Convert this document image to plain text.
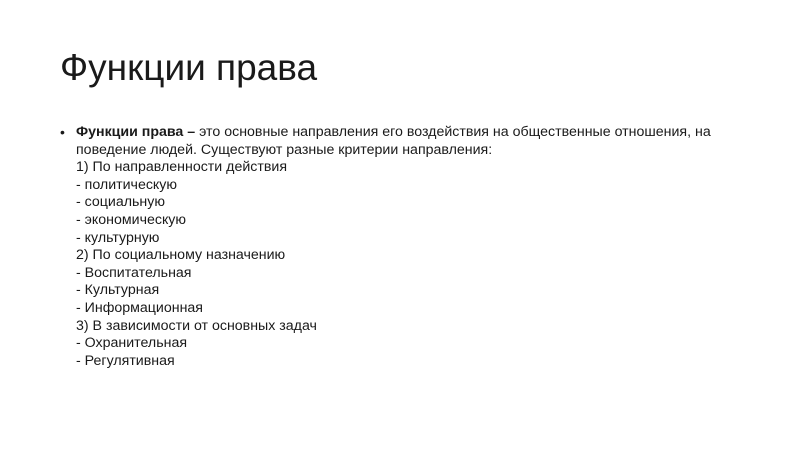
Функции права
• Функции права – это основные направления его воздействия на общественные отношения, на поведение людей. Существуют разные критерии направления:
1) По направленности действия
- политическую
- социальную
- экономическую
- культурную
2) По социальному назначению
- Воспитательная
- Культурная
- Информационная
3) В зависимости от основных задач
- Охранительная
- Регулятивная
